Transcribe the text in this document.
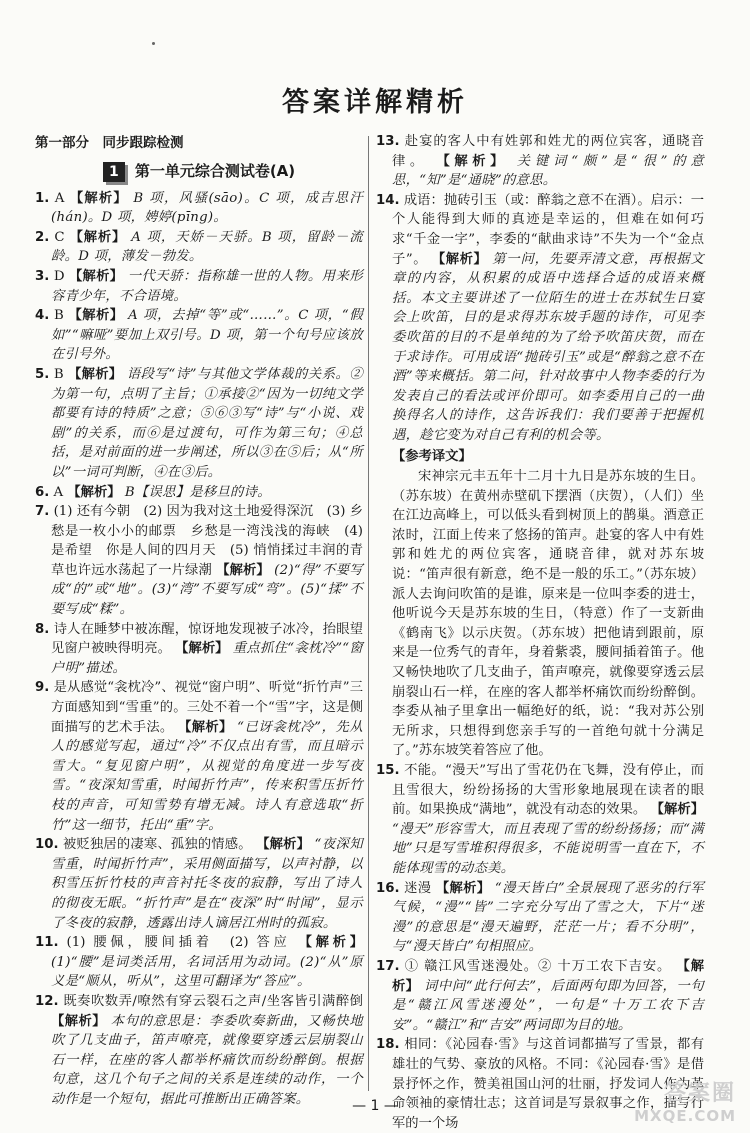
答案详解精析
第一部分　同步跟踪检测
1	第一单元综合测试卷(A)

1. A 【解析】 B 项，风骚(sāo)。C 项，成吉思汗(hán)。D 项，娉婷(pīng)。

2. C 【解析】 A 项，天娇－天骄。B 项，留龄－流龄。D 项，薄发－勃发。

3. D 【解析】 一代天骄：指称雄一世的人物。用来形容青少年，不合语境。

4. B 【解析】 A 项，去掉“等”或“……”。C 项，“假如”“嘛哑”要加上双引号。D 项，第一个句号应该放在引号外。

5. B 【解析】 语段写“诗”与其他文学体裁的关系。②为第一句，点明了主旨；①承接②“因为一切纯文学都要有诗的特质”之意；⑤⑥③写“诗”与“小说、戏剧”的关系，而⑥是过渡句，可作为第三句；④总括，是对前面的进一步阐述，所以③在⑤后；从“所以”一词可判断，④在③后。

6. A 【解析】 B【误思】是移旦的诗。

7. (1) 还有今朝　(2) 因为我对这土地爱得深沉　(3) 乡愁是一枚小小的邮票　乡愁是一湾浅浅的海峡　(4) 是希望　你是人间的四月天　(5) 悄悄揉过丰润的青草也许远水荡起了一片绿潮 【解析】 (2)“得”不要写成“的”或“地”。(3)“湾”不要写成“弯”。(5)“揉”不要写成“糅”。

8. 诗人在睡梦中被冻醒，惊讶地发现被子冰冷，抬眼望见窗户被映得明亮。 【解析】 重点抓住“衾枕冷”“窗户明”描述。

9. 是从感觉“衾枕冷”、视觉“窗户明”、听觉“折竹声”三方面感知到“雪重”的。三处不着一个“雪”字，这是侧面描写的艺术手法。 【解析】 “已讶衾枕冷”，先从人的感觉写起，通过“冷”不仅点出有雪，而且暗示雪大。“复见窗户明”，从视觉的角度进一步写夜雪。“夜深知雪重，时闻折竹声”，传来积雪压折竹枝的声音，可知雪势有增无减。诗人有意选取“折竹”这一细节，托出“重”字。

10. 被贬独居的凄寒、孤独的情感。 【解析】 “夜深知雪重，时闻折竹声”，采用侧面描写，以声衬静，以积雪压折竹枝的声音衬托冬夜的寂静，写出了诗人的彻夜无眠。“折竹声”是在“夜深”时“时闻”，显示了冬夜的寂静，透露出诗人谪居江州时的孤寂。

11. (1) 腰佩，腰间插着　(2) 答应 【解析】 (1)“腰”是词类活用，名词活用为动词。(2)“从”原义是“顺从，听从”，这里可翻译为“答应”。

12. 既奏吹数弄/嘹然有穿云裂石之声/坐客皆引满醉倒 【解析】 本句的意思是：李委吹奏新曲，又畅快地吹了几支曲子，笛声嘹亮，就像要穿透云层崩裂山石一样，在座的客人都举杯痛饮而纷纷醉倒。根据句意，这几个句子之间的关系是连续的动作，一个动作是一个短句，据此可推断出正确答案。

13. 赴宴的客人中有姓郭和姓尤的两位宾客，通晓音律。 【解析】 关键词“颇”是“很”的意思，“知”是“通晓”的意思。

14. 成语：抛砖引玉（或：醉翁之意不在酒）。启示：一个人能得到大师的真迹是幸运的，但难在如何巧求“千金一字”，李委的“献曲求诗”不失为一个“金点子”。 【解析】 第一问，先要弄清文意，再根据文章的内容，从积累的成语中选择合适的成语来概括。本文主要讲述了一位陌生的进士在苏轼生日宴会上吹笛，目的是求得苏东坡手题的诗作，可见李委吹笛的目的不是单纯的为了给予吹笛庆贺，而在于求诗作。可用成语“抛砖引玉”或是“醉翁之意不在酒”等来概括。第二问，针对故事中人物李委的行为发表自己的看法或评价即可。如李委用自己的一曲换得名人的诗作，这告诉我们：我们要善于把握机遇，趁它变为对自己有利的机会等。

【参考译文】

宋神宗元丰五年十二月十九日是苏东坡的生日。（苏东坡）在黄州赤壁矶下摆酒（庆贺），（人们）坐在江边高峰上，可以低头看到树顶上的鹊巢。酒意正浓时，江面上传来了悠扬的笛声。赴宴的客人中有姓郭和姓尤的两位宾客，通晓音律，就对苏东坡说：“笛声很有新意，绝不是一般的乐工。”（苏东坡）派人去询问吹笛的是谁，原来是一位叫李委的进士，他听说今天是苏东坡的生日，（特意）作了一支新曲《鹤南飞》以示庆贺。（苏东坡）把他请到跟前，原来是一位秀气的青年，身着紫裘，腰间插着笛子。他又畅快地吹了几支曲子，笛声嘹亮，就像要穿透云层崩裂山石一样，在座的客人都举杯痛饮而纷纷醉倒。李委从袖子里拿出一幅绝好的纸，说：“我对苏公别无所求，只想得到您亲手写的一首绝句就十分满足了。”苏东坡笑着答应了他。

15. 不能。“漫天”写出了雪花仍在飞舞，没有停止，而且雪很大，纷纷扬扬的大雪形象地展现在读者的眼前。如果换成“满地”，就没有动态的效果。 【解析】 “漫天”形容雪大，而且表现了雪的纷纷扬扬；而“满地”只是写雪堆积得很多，不能说明雪一直在下，不能体现雪的动态美。

16. 迷漫 【解析】 “漫天皆白”全景展现了恶劣的行军气候，“漫”“皆”二字充分写出了雪之大，下片“迷漫”的意思是“漫天遍野，茫茫一片；看不分明”，与“漫天皆白”句相照应。

17. ① 赣江风雪迷漫处。② 十万工农下吉安。 【解析】 词中问“此行何去”，后面两句即为回答，一句是“赣江风雪迷漫处”，一句是“十万工农下吉安”。“赣江”和“吉安”两词即为目的地。

18. 相同：《沁园春·雪》与这首词都描写了雪景，都有雄壮的气势、豪放的风格。不同：《沁园春·雪》是借景抒怀之作，赞美祖国山河的壮丽，抒发词人作为革命领袖的豪情壮志；这首词是写景叙事之作，描写行军的一个场

— 1 —	答案圈
MXQE.COM
